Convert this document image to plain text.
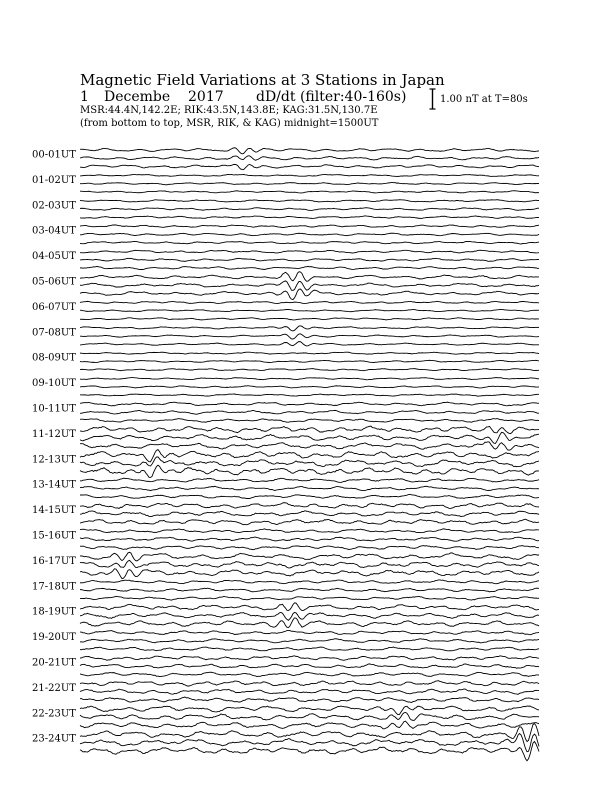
Magnetic Field Variations at 3 Stations in Japan
1 Decembe 2017 dD/dt (filter:40-160s)
MSR:44.4N,142.2E; RIK:43.5N,143.8E; KAG:31.5N,130.7E
(from bottom to top, MSR, RIK, & KAG) midnight=1500UT
1.00 nT at T=80s
00-01UT
01-02UT
02-03UT
03-04UT
04-05UT
05-06UT
06-07UT
07-08UT
08-09UT
09-10UT
10-11UT
11-12UT
12-13UT
13-14UT
14-15UT
15-16UT
16-17UT
17-18UT
18-19UT
19-20UT
20-21UT
21-22UT
22-23UT
23-24UT
